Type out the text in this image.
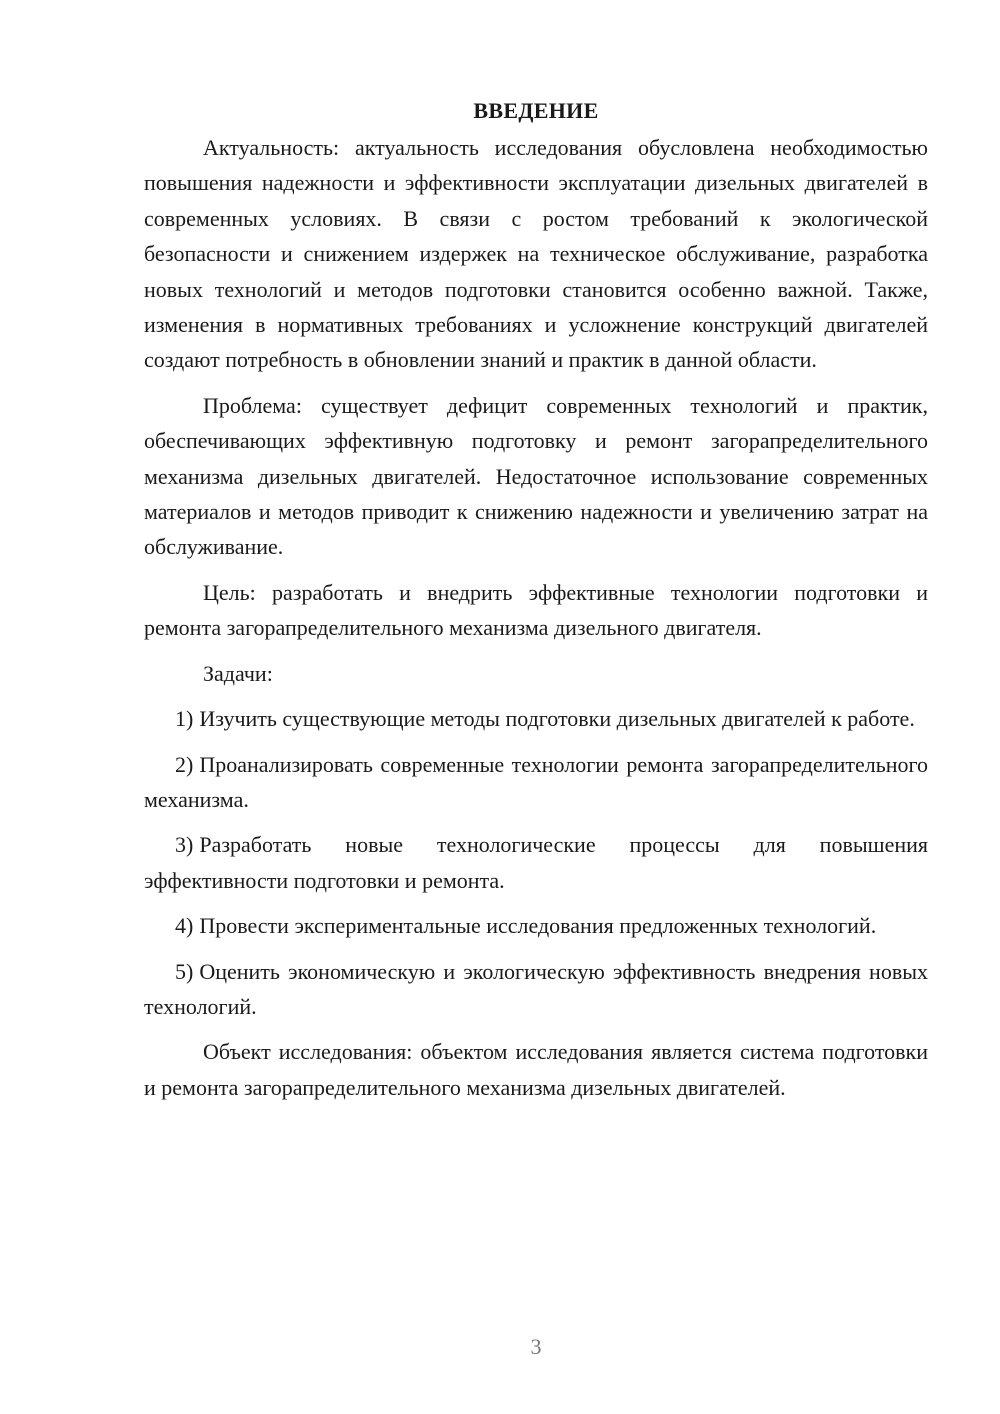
ВВЕДЕНИЕ

Актуальность: актуальность исследования обусловлена необходимостью повышения надежности и эффективности эксплуатации дизельных двигателей в современных условиях. В связи с ростом требований к экологической безопасности и снижением издержек на техническое обслуживание, разработка новых технологий и методов подготовки становится особенно важной. Также, изменения в нормативных требованиях и усложнение конструкций двигателей создают потребность в обновлении знаний и практик в данной области.

Проблема: существует дефицит современных технологий и практик, обеспечивающих эффективную подготовку и ремонт загорапределительного механизма дизельных двигателей. Недостаточное использование современных материалов и методов приводит к снижению надежности и увеличению затрат на обслуживание.

Цель: разработать и внедрить эффективные технологии подготовки и ремонта загорапределительного механизма дизельного двигателя.

Задачи:

1) Изучить существующие методы подготовки дизельных двигателей к работе.

2) Проанализировать современные технологии ремонта загорапределительного механизма.

3) Разработать новые технологические процессы для повышения эффективности подготовки и ремонта.

4) Провести экспериментальные исследования предложенных технологий.

5) Оценить экономическую и экологическую эффективность внедрения новых технологий.

Объект исследования: объектом исследования является система подготовки и ремонта загорапределительного механизма дизельных двигателей.

3
